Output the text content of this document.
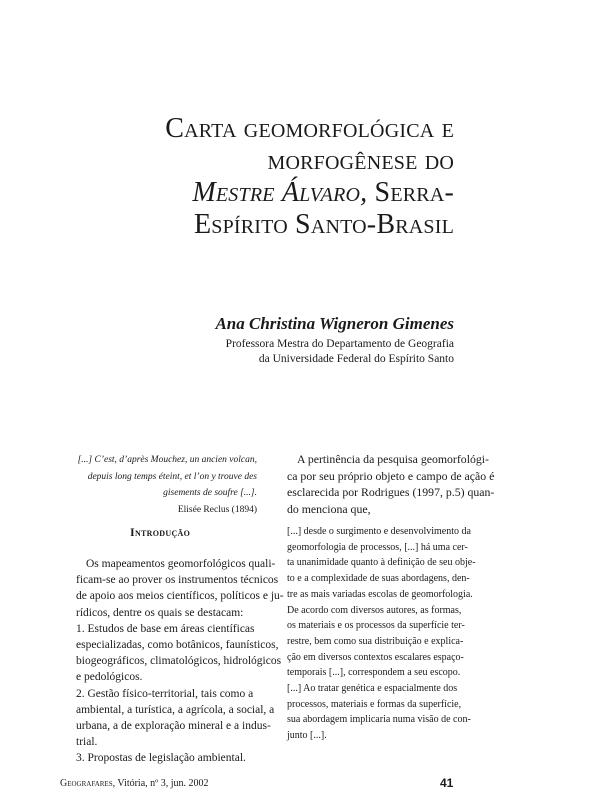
Carta geomorfológica e
morfogênese do
Mestre Álvaro, Serra-
Espírito Santo-Brasil

Ana Christina Wigneron Gimenes

Professora Mestra do Departamento de Geografia
da Universidade Federal do Espírito Santo
[...] C’est, d’après Mouchez, un ancien volcan,
depuis long temps éteint, et l’on y trouve des
gisements de soufre [...].
Elisée Reclus (1894)
Introdução
Os mapeamentos geomorfológicos quali-
ficam-se ao prover os instrumentos técnicos
de apoio aos meios científicos, políticos e ju-
rídicos, dentre os quais se destacam:
1. Estudos de base em áreas científicas
especializadas, como botânicos, faunísticos,
biogeográficos, climatológicos, hidrológicos
e pedológicos.
2. Gestão físico-territorial, tais como a
ambiental, a turística, a agrícola, a social, a
urbana, a de exploração mineral e a indus-
trial.
3. Propostas de legislação ambiental.
A pertinência da pesquisa geomorfológi-
ca por seu próprio objeto e campo de ação é
esclarecida por Rodrigues (1997, p.5) quan-
do menciona que,
[...] desde o surgimento e desenvolvimento da
geomorfologia de processos, [...] há uma cer-
ta unanimidade quanto à definição de seu obje-
to e a complexidade de suas abordagens, den-
tre as mais variadas escolas de geomorfologia.
De acordo com diversos autores, as formas,
os materiais e os processos da superfície ter-
restre, bem como sua distribuição e explica-
ção em diversos contextos escalares espaço-
temporais [...], correspondem a seu escopo.
[...] Ao tratar genética e espacialmente dos
processos, materiais e formas da superfície,
sua abordagem implicaria numa visão de con-
junto [...].
Geografares, Vitória, nº 3, jun. 2002	41
